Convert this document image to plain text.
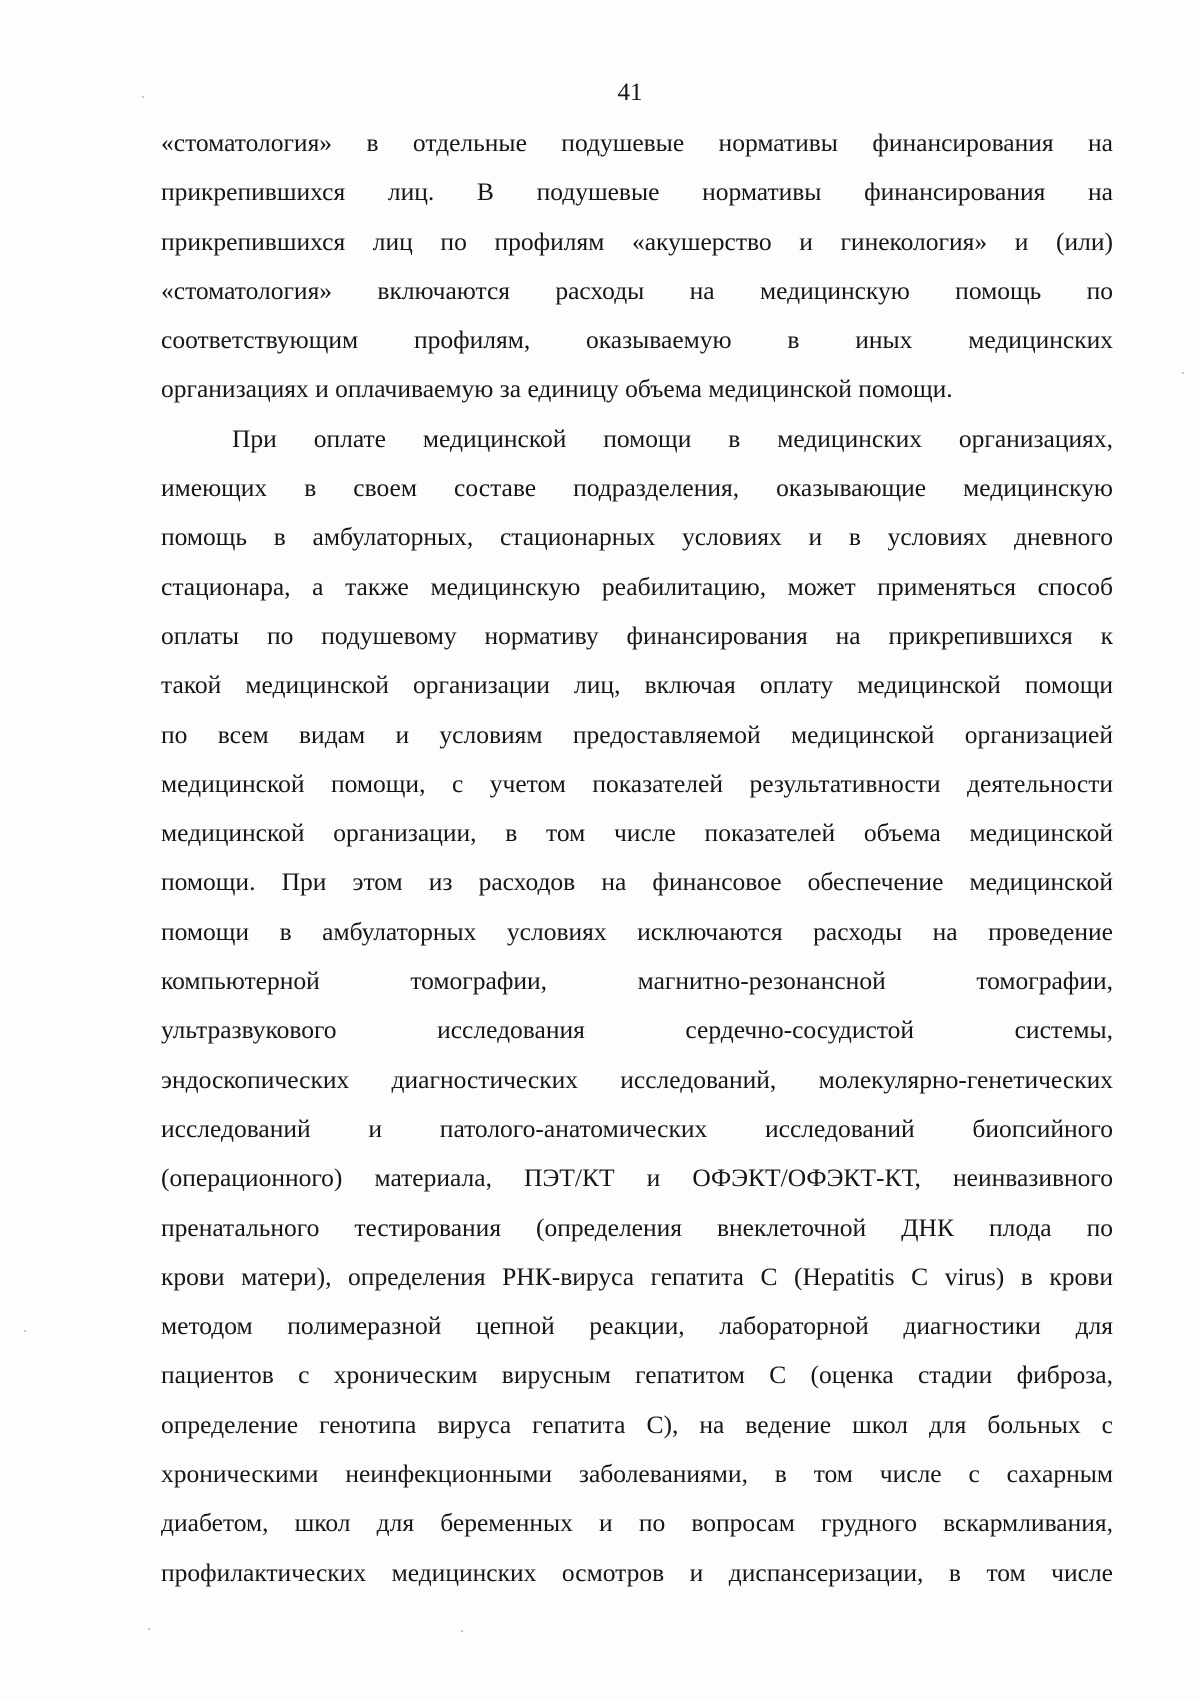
41
«стоматология» в отдельные подушевые нормативы финансирования на
прикрепившихся лиц. В подушевые нормативы финансирования на
прикрепившихся лиц по профилям «акушерство и гинекология» и (или)
«стоматология» включаются расходы на медицинскую помощь по
соответствующим профилям, оказываемую в иных медицинских
организациях и оплачиваемую за единицу объема медицинской помощи.
При оплате медицинской помощи в медицинских организациях,
имеющих в своем составе подразделения, оказывающие медицинскую
помощь в амбулаторных, стационарных условиях и в условиях дневного
стационара, а также медицинскую реабилитацию, может применяться способ
оплаты по подушевому нормативу финансирования на прикрепившихся к
такой медицинской организации лиц, включая оплату медицинской помощи
по всем видам и условиям предоставляемой медицинской организацией
медицинской помощи, с учетом показателей результативности деятельности
медицинской организации, в том числе показателей объема медицинской
помощи. При этом из расходов на финансовое обеспечение медицинской
помощи в амбулаторных условиях исключаются расходы на проведение
компьютерной томографии, магнитно-резонансной томографии,
ультразвукового исследования сердечно-сосудистой системы,
эндоскопических диагностических исследований, молекулярно-генетических
исследований и патолого-анатомических исследований биопсийного
(операционного) материала, ПЭТ/КТ и ОФЭКТ/ОФЭКТ-КТ, неинвазивного
пренатального тестирования (определения внеклеточной ДНК плода по
крови матери), определения РНК-вируса гепатита С (Hepatitis C virus) в крови
методом полимеразной цепной реакции, лабораторной диагностики для
пациентов с хроническим вирусным гепатитом С (оценка стадии фиброза,
определение генотипа вируса гепатита С), на ведение школ для больных с
хроническими неинфекционными заболеваниями, в том числе с сахарным
диабетом, школ для беременных и по вопросам грудного вскармливания,
профилактических медицинских осмотров и диспансеризации, в том числе
